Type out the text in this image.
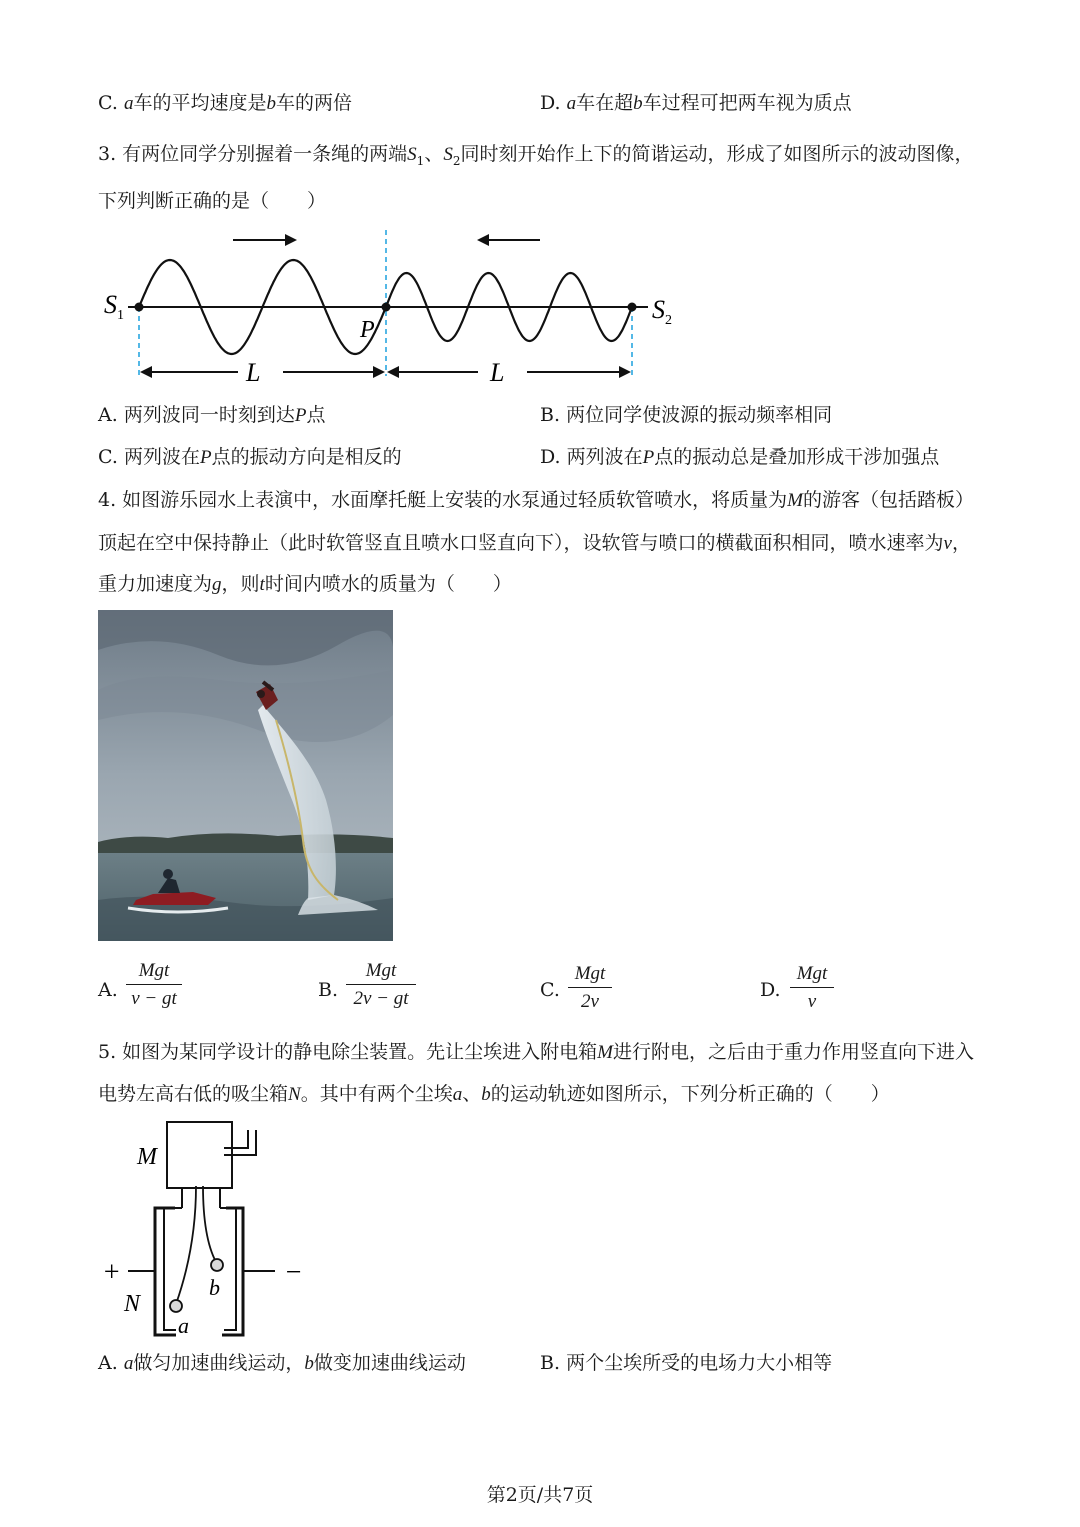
C. a车的平均速度是b车的两倍	D. a车在超b车过程可把两车视为质点
3. 有两位同学分别握着一条绳的两端$S_1$、$S_2$同时刻开始作上下的简谐运动，形成了如图所示的波动图像，
下列判断正确的是（　　）
$S_1$	$S_2$
P
L	L
A. 两列波同一时刻到达P点	B. 两位同学使波源的振动频率相同
C. 两列波在P点的振动方向是相反的	D. 两列波在P点的振动总是叠加形成干涉加强点
4. 如图游乐园水上表演中，水面摩托艇上安装的水泵通过轻质软管喷水，将质量为M的游客（包括踏板）
顶起在空中保持静止（此时软管竖直且喷水口竖直向下），设软管与喷口的横截面积相同，喷水速率为v，
重力加速度为g，则t时间内喷水的质量为（　　）
A.
Mgt
v − gt	B.
Mgt
2v − gt	C.
Mgt
2v
D.
Mgt
v
5. 如图为某同学设计的静电除尘装置。先让尘埃进入附电箱M进行附电，之后由于重力作用竖直向下进入
电势左高右低的吸尘箱N。其中有两个尘埃a、b的运动轨迹如图所示，下列分析正确的（　　）
M
N
+	−
a
b
A. a做匀加速曲线运动，b做变加速曲线运动	B. 两个尘埃所受的电场力大小相等
第2页/共7页
